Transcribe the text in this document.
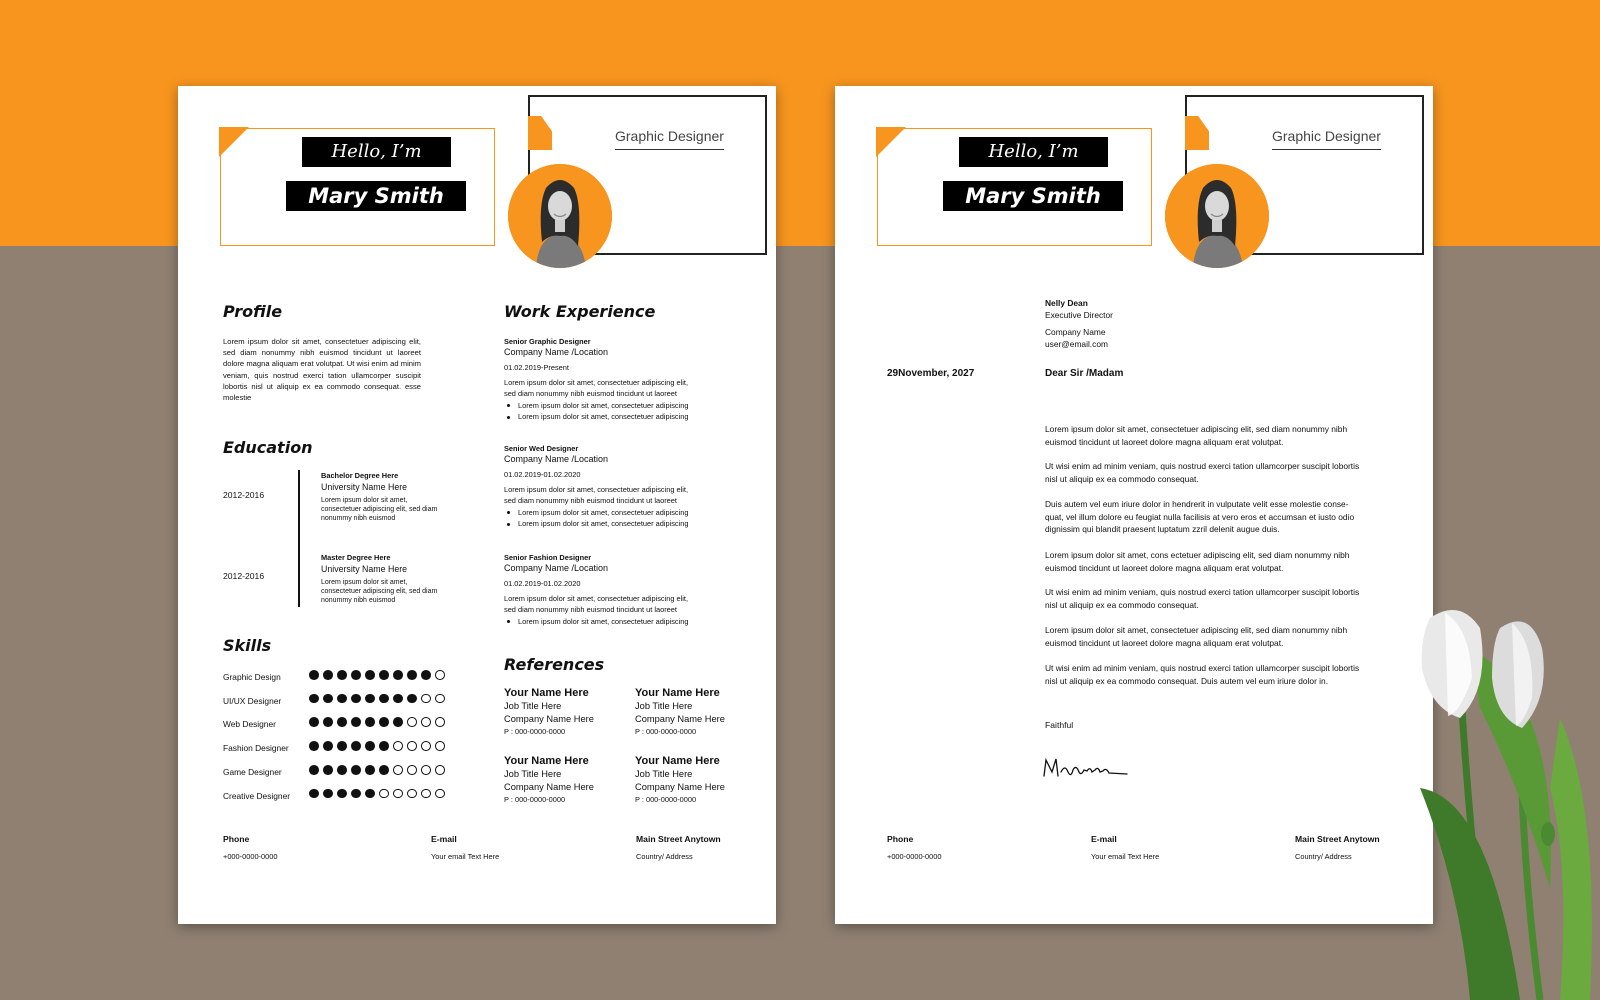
Hello, I’m
Mary Smith
Graphic Designer
Profile
Lorem ipsum dolor sit amet, consectetuer adipiscing elit, sed diam nonummy nibh euismod tincidunt ut laoreet dolore magna aliquam erat volutpat. Ut wisi enim ad minim veniam, quis nostrud exerci tation ullamcorper suscipit lobortis nisl ut aliquip ex ea commodo consequat. esse molestie
Education
2012-2016
Bachelor Degree Here
University Name Here
Lorem ipsum dolor sit amet, consectetuer adipiscing elit, sed diam nonummy nibh euismod
2012-2016
Master Degree Here
University Name Here
Lorem ipsum dolor sit amet, consectetuer adipiscing elit, sed diam nonummy nibh euismod
Skills
Graphic Design
UI/UX Designer
Web Designer
Fashion Designer
Game Designer
Creative Designer
Work Experience
Senior Graphic Designer
Company Name /Location
01.02.2019-Present
Lorem ipsum dolor sit amet, consectetuer adipiscing elit, sed diam nonummy nibh euismod tincidunt ut laoreet
Lorem ipsum dolor sit amet, consectetuer adipiscing
Lorem ipsum dolor sit amet, consectetuer adipiscing
Senior Wed Designer
Company Name /Location
01.02.2019-01.02.2020
Lorem ipsum dolor sit amet, consectetuer adipiscing elit, sed diam nonummy nibh euismod tincidunt ut laoreet
Lorem ipsum dolor sit amet, consectetuer adipiscing
Lorem ipsum dolor sit amet, consectetuer adipiscing
Senior Fashion Designer
Company Name /Location
01.02.2019-01.02.2020
Lorem ipsum dolor sit amet, consectetuer adipiscing elit, sed diam nonummy nibh euismod tincidunt ut laoreet
Lorem ipsum dolor sit amet, consectetuer adipiscing
References
Your Name Here
Job Title Here
Company Name Here
P : 000-0000-0000
Your Name Here
Job Title Here
Company Name Here
P : 000-0000-0000
Your Name Here
Job Title Here
Company Name Here
P : 000-0000-0000
Your Name Here
Job Title Here
Company Name Here
P : 000-0000-0000
Phone
+000-0000-0000
E-mail
Your email Text Here
Main Street Anytown
Country/ Address
Hello, I’m
Mary Smith
Graphic Designer
Nelly Dean
Executive Director
Company Name
user@email.com
29November, 2027	Dear Sir /Madam
Lorem ipsum dolor sit amet, consectetuer adipiscing elit, sed diam nonummy nibh euismod tincidunt ut laoreet dolore magna aliquam erat volutpat.
Ut wisi enim ad minim veniam, quis nostrud exerci tation ullamcorper suscipit lobortis nisl ut aliquip ex ea commodo consequat.
Duis autem vel eum iriure dolor in hendrerit in vulputate velit esse molestie conse-quat, vel illum dolore eu feugiat nulla facilisis at vero eros et accumsan et iusto odio dignissim qui blandit praesent luptatum zzril delenit augue duis.
Lorem ipsum dolor sit amet, cons ectetuer adipiscing elit, sed diam nonummy nibh euismod tincidunt ut laoreet dolore magna aliquam erat volutpat.
Ut wisi enim ad minim veniam, quis nostrud exerci tation ullamcorper suscipit lobortis nisl ut aliquip ex ea commodo consequat.
Lorem ipsum dolor sit amet, consectetuer adipiscing elit, sed diam nonummy nibh euismod tincidunt ut laoreet dolore magna aliquam erat volutpat.
Ut wisi enim ad minim veniam, quis nostrud exerci tation ullamcorper suscipit lobortis nisl ut aliquip ex ea commodo consequat. Duis autem vel eum iriure dolor in.
Faithful
Phone
+000-0000-0000
E-mail
Your email Text Here
Main Street Anytown
Country/ Address
